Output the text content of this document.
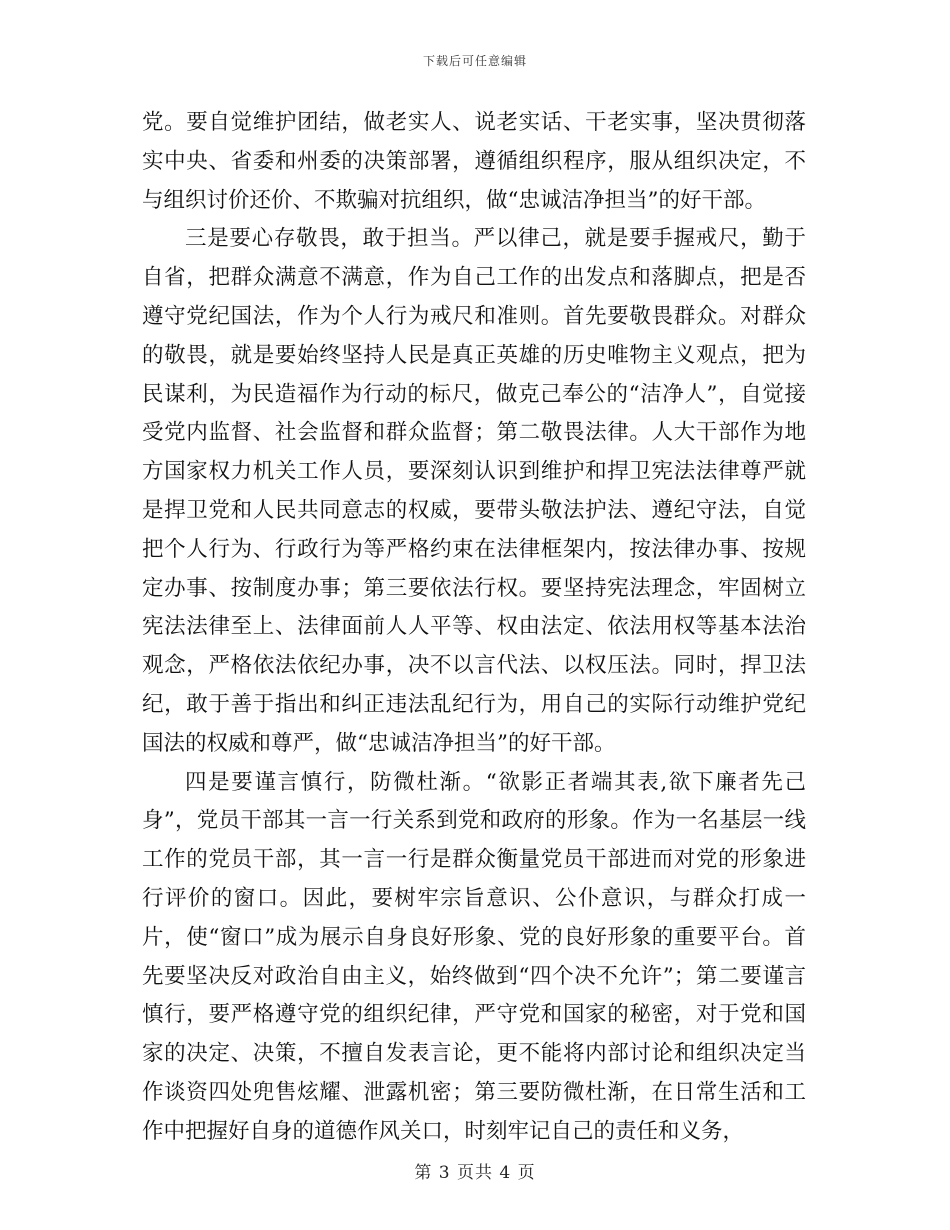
下载后可任意编辑

党。要自觉维护团结，做老实人、说老实话、干老实事，坚决贯彻落实中央、省委和州委的决策部署，遵循组织程序，服从组织决定，不与组织讨价还价、不欺骗对抗组织，做“忠诚洁净担当”的好干部。

三是要心存敬畏，敢于担当。严以律己，就是要手握戒尺，勤于自省，把群众满意不满意，作为自己工作的出发点和落脚点，把是否遵守党纪国法，作为个人行为戒尺和准则。首先要敬畏群众。对群众的敬畏，就是要始终坚持人民是真正英雄的历史唯物主义观点，把为民谋利，为民造福作为行动的标尺，做克己奉公的“洁净人”，自觉接受党内监督、社会监督和群众监督；第二敬畏法律。人大干部作为地方国家权力机关工作人员，要深刻认识到维护和捍卫宪法法律尊严就是捍卫党和人民共同意志的权威，要带头敬法护法、遵纪守法，自觉把个人行为、行政行为等严格约束在法律框架内，按法律办事、按规定办事、按制度办事；第三要依法行权。要坚持宪法理念，牢固树立宪法法律至上、法律面前人人平等、权由法定、依法用权等基本法治观念，严格依法依纪办事，决不以言代法、以权压法。同时，捍卫法纪，敢于善于指出和纠正违法乱纪行为，用自己的实际行动维护党纪国法的权威和尊严，做“忠诚洁净担当”的好干部。

四是要谨言慎行，防微杜渐。“欲影正者端其表,欲下廉者先己身”，党员干部其一言一行关系到党和政府的形象。作为一名基层一线工作的党员干部，其一言一行是群众衡量党员干部进而对党的形象进行评价的窗口。因此，要树牢宗旨意识、公仆意识，与群众打成一片，使“窗口”成为展示自身良好形象、党的良好形象的重要平台。首先要坚决反对政治自由主义，始终做到“四个决不允许”；第二要谨言慎行，要严格遵守党的组织纪律，严守党和国家的秘密，对于党和国家的决定、决策，不擅自发表言论，更不能将内部讨论和组织决定当作谈资四处兜售炫耀、泄露机密；第三要防微杜渐，在日常生活和工作中把握好自身的道德作风关口，时刻牢记自己的责任和义务，

第 3 页共 4 页
